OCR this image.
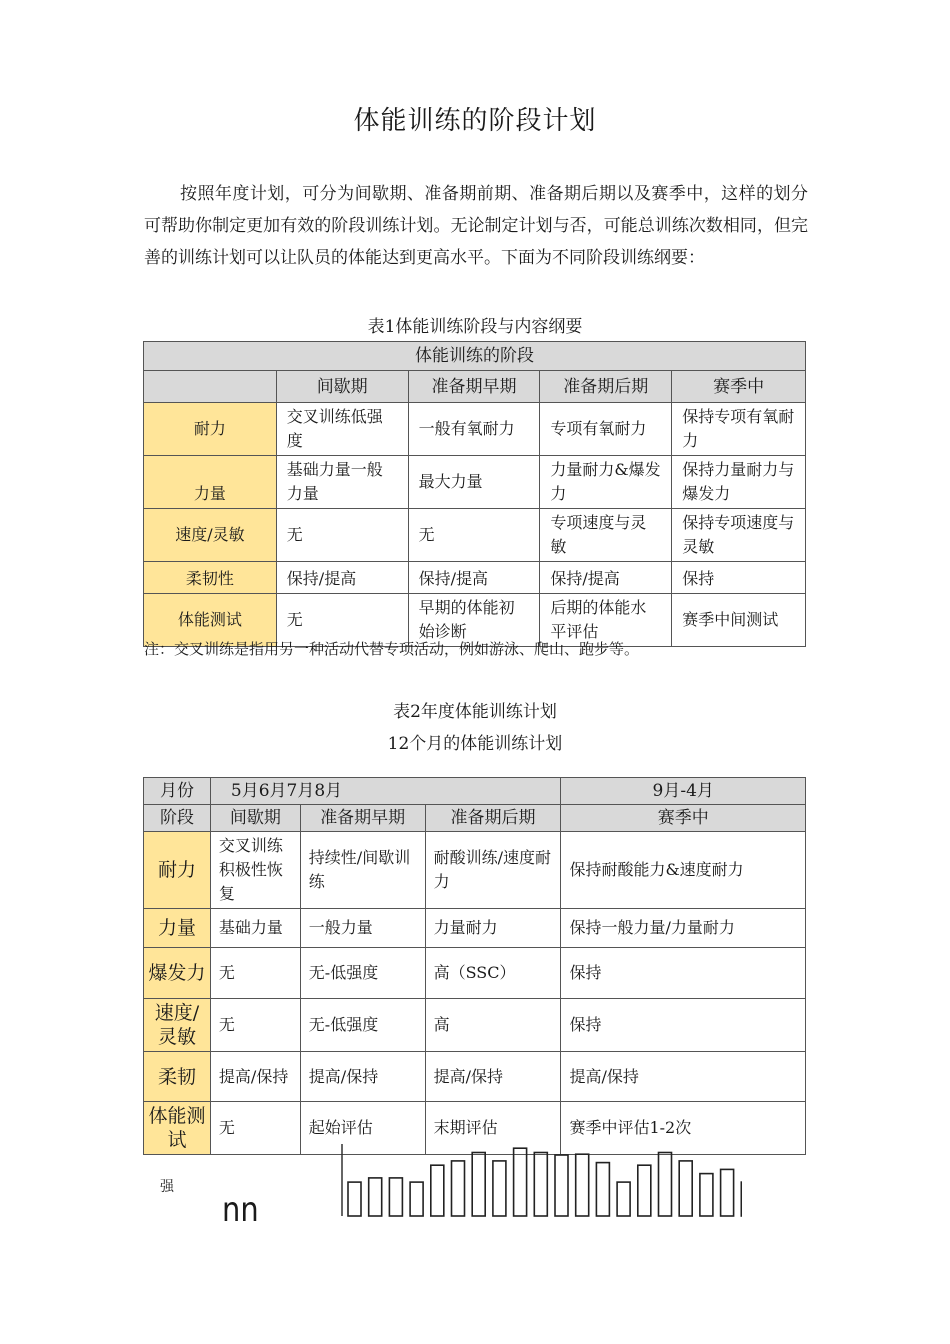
体能训练的阶段计划

按照年度计划，可分为间歇期、准备期前期、准备期后期以及赛季中，这样的划分可帮助你制定更加有效的阶段训练计划。无论制定计划与否，可能总训练次数相同，但完善的训练计划可以让队员的体能达到更高水平。下面为不同阶段训练纲要：

表1体能训练阶段与内容纲要
体能训练的阶段				
	间歇期	准备期早期	准备期后期	赛季中
耐力	交叉训练低强度	一般有氧耐力	专项有氧耐力	保持专项有氧耐力
力量	基础力量一般力量	最大力量	力量耐力&爆发力	保持力量耐力与爆发力
速度/灵敏	无	无	专项速度与灵敏	保持专项速度与灵敏
柔韧性	保持/提高	保持/提高	保持/提高	保持
体能测试	无	早期的体能初始诊断	后期的体能水平评估	赛季中间测试
注：交叉训练是指用另一种活动代替专项活动，例如游泳、爬山、跑步等。
表2年度体能训练计划
12个月的体能训练计划
月份	5月6月7月8月			9月-4月
阶段	间歇期	准备期早期	准备期后期	赛季中
耐力	交叉训练积极性恢复	持续性/间歇训练	耐酸训练/速度耐力	保持耐酸能力&速度耐力
力量	基础力量	一般力量	力量耐力	保持一般力量/力量耐力
爆发力	无	无-低强度	高（SSC）	保持
速度/灵敏	无	无-低强度	高	保持
柔韧	提高/保持	提高/保持	提高/保持	提高/保持
体能测试	无	起始评估	末期评估	赛季中评估1-2次
强
nn
